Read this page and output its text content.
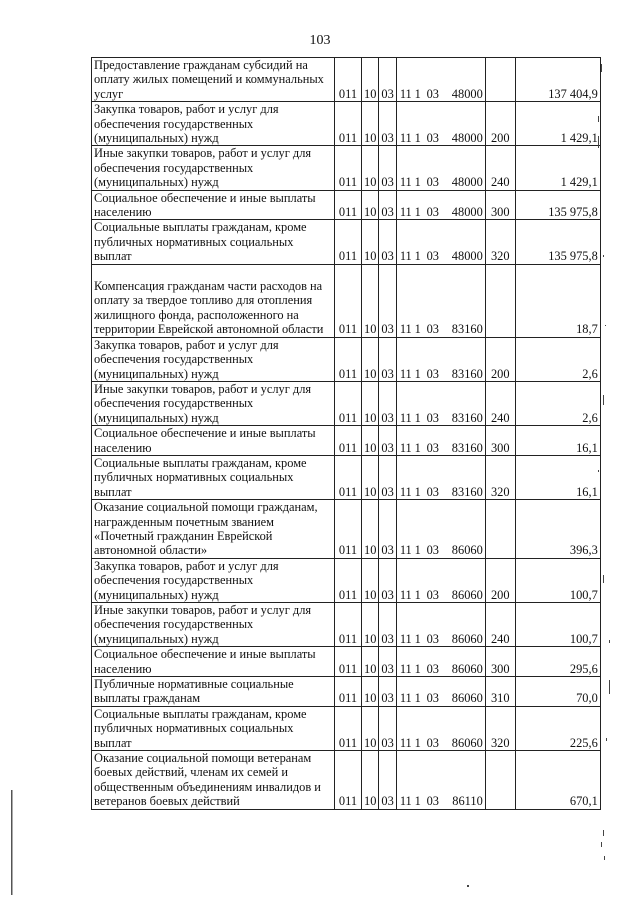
103
Предоставление гражданам субсидий на оплату жилых помещений и коммунальных услуг	011	10	03	11 1 03 48000		137 404,9
Закупка товаров, работ и услуг для обеспечения государственных (муниципальных) нужд	011	10	03	11 1 03 48000	200	1 429,1
Иные закупки товаров, работ и услуг для обеспечения государственных (муниципальных) нужд	011	10	03	11 1 03 48000	240	1 429,1
Социальное обеспечение и иные выплаты населению	011	10	03	11 1 03 48000	300	135 975,8
Социальные выплаты гражданам, кроме публичных нормативных социальных выплат	011	10	03	11 1 03 48000	320	135 975,8
Компенсация гражданам части расходов на оплату за твердое топливо для отопления жилищного фонда, расположенного на территории Еврейской автономной области	011	10	03	11 1 03 83160		18,7
Закупка товаров, работ и услуг для обеспечения государственных (муниципальных) нужд	011	10	03	11 1 03 83160	200	2,6
Иные закупки товаров, работ и услуг для обеспечения государственных (муниципальных) нужд	011	10	03	11 1 03 83160	240	2,6
Социальное обеспечение и иные выплаты населению	011	10	03	11 1 03 83160	300	16,1
Социальные выплаты гражданам, кроме публичных нормативных социальных выплат	011	10	03	11 1 03 83160	320	16,1
Оказание социальной помощи гражданам, награжденным почетным званием «Почетный гражданин Еврейской автономной области»	011	10	03	11 1 03 86060		396,3
Закупка товаров, работ и услуг для обеспечения государственных (муниципальных) нужд	011	10	03	11 1 03 86060	200	100,7
Иные закупки товаров, работ и услуг для обеспечения государственных (муниципальных) нужд	011	10	03	11 1 03 86060	240	100,7
Социальное обеспечение и иные выплаты населению	011	10	03	11 1 03 86060	300	295,6
Публичные нормативные социальные выплаты гражданам	011	10	03	11 1 03 86060	310	70,0
Социальные выплаты гражданам, кроме публичных нормативных социальных выплат	011	10	03	11 1 03 86060	320	225,6
Оказание социальной помощи ветеранам боевых действий, членам их семей и общественным объединениям инвалидов и ветеранов боевых действий	011	10	03	11 1 03 86110		670,1
